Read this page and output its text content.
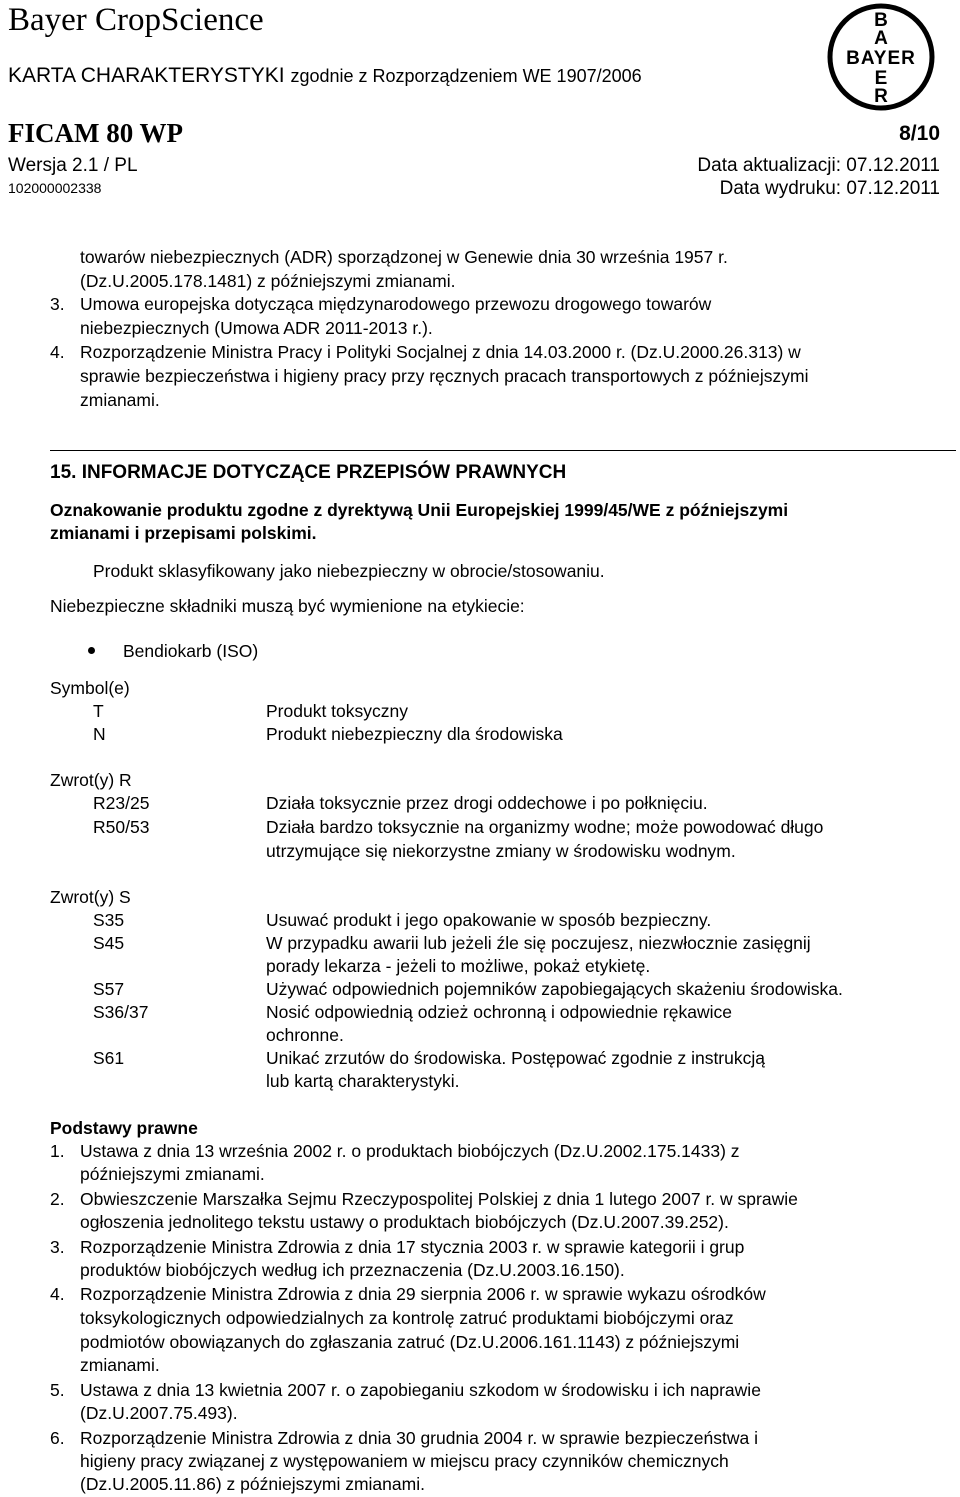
Bayer CropScience
KARTA CHARAKTERYSTYKI zgodnie z Rozporządzeniem WE 1907/2006
FICAM 80 WP	8/10
Wersja 2.1 / PL	Data aktualizacji: 07.12.2011
102000002338	Data wydruku: 07.12.2011
B
A
BAYER
E
R
towarów niebezpiecznych (ADR) sporządzonej w Genewie dnia 30 września 1957 r.
(Dz.U.2005.178.1481) z późniejszymi zmianami.
3. Umowa europejska dotycząca międzynarodowego przewozu drogowego towarów
niebezpiecznych (Umowa ADR 2011-2013 r.).
4. Rozporządzenie Ministra Pracy i Polityki Socjalnej z dnia 14.03.2000 r. (Dz.U.2000.26.313) w
sprawie bezpieczeństwa i higieny pracy przy ręcznych pracach transportowych z późniejszymi
zmianami.
15. INFORMACJE DOTYCZĄCE PRZEPISÓW PRAWNYCH
Oznakowanie produktu zgodne z dyrektywą Unii Europejskiej 1999/45/WE z późniejszymi
zmianami i przepisami polskimi.
Produkt sklasyfikowany jako niebezpieczny w obrocie/stosowaniu.
Niebezpieczne składniki muszą być wymienione na etykiecie:
Bendiokarb (ISO)
Symbol(e)
T	Produkt toksyczny
N	Produkt niebezpieczny dla środowiska
Zwrot(y) R
R23/25	Działa toksycznie przez drogi oddechowe i po połknięciu.
R50/53	Działa bardzo toksycznie na organizmy wodne; może powodować długo
utrzymujące się niekorzystne zmiany w środowisku wodnym.
Zwrot(y) S
S35	Usuwać produkt i jego opakowanie w sposób bezpieczny.
S45	W przypadku awarii lub jeżeli źle się poczujesz, niezwłocznie zasięgnij
porady lekarza - jeżeli to możliwe, pokaż etykietę.
S57	Używać odpowiednich pojemników zapobiegających skażeniu środowiska.
S36/37	Nosić odpowiednią odzież ochronną i odpowiednie rękawice
ochronne.
S61	Unikać zrzutów do środowiska. Postępować zgodnie z instrukcją
lub kartą charakterystyki.
Podstawy prawne
1. Ustawa z dnia 13 września 2002 r. o produktach biobójczych (Dz.U.2002.175.1433) z
późniejszymi zmianami.
2. Obwieszczenie Marszałka Sejmu Rzeczypospolitej Polskiej z dnia 1 lutego 2007 r. w sprawie
ogłoszenia jednolitego tekstu ustawy o produktach biobójczych (Dz.U.2007.39.252).
3. Rozporządzenie Ministra Zdrowia z dnia 17 stycznia 2003 r. w sprawie kategorii i grup
produktów biobójczych według ich przeznaczenia (Dz.U.2003.16.150).
4. Rozporządzenie Ministra Zdrowia z dnia 29 sierpnia 2006 r. w sprawie wykazu ośrodków
toksykologicznych odpowiedzialnych za kontrolę zatruć produktami biobójczymi oraz
podmiotów obowiązanych do zgłaszania zatruć (Dz.U.2006.161.1143) z późniejszymi
zmianami.
5. Ustawa z dnia 13 kwietnia 2007 r. o zapobieganiu szkodom w środowisku i ich naprawie
(Dz.U.2007.75.493).
6. Rozporządzenie Ministra Zdrowia z dnia 30 grudnia 2004 r. w sprawie bezpieczeństwa i
higieny pracy związanej z występowaniem w miejscu pracy czynników chemicznych
(Dz.U.2005.11.86) z późniejszymi zmianami.
